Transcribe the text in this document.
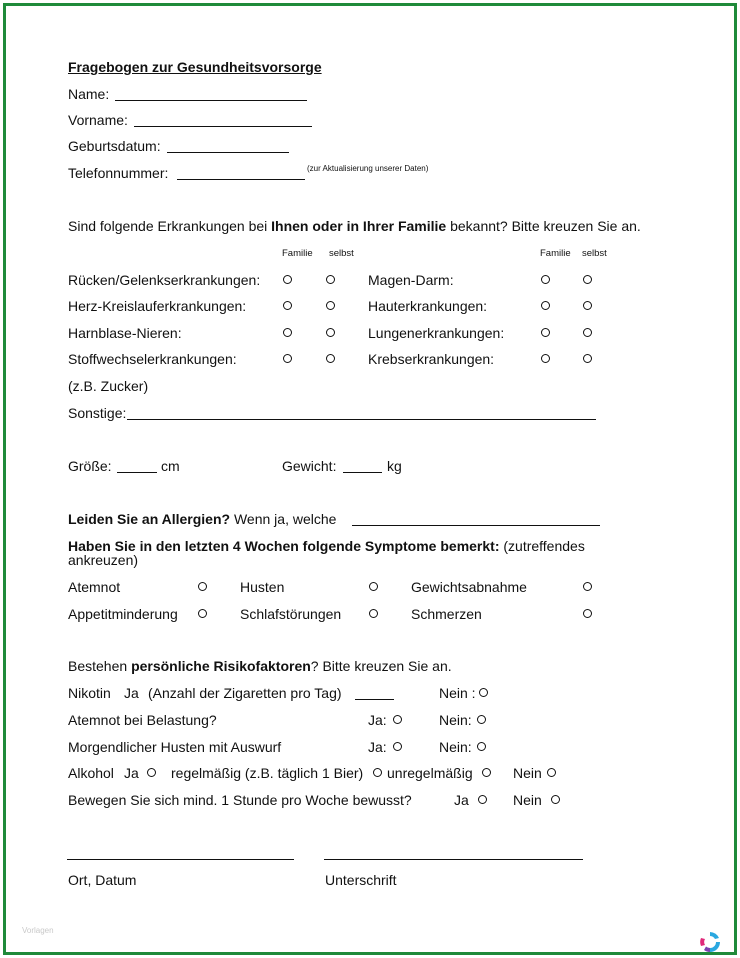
Fragebogen zur Gesundheitsvorsorge
Name:
Vorname:
Geburtsdatum:
Telefonnummer:	(zur Aktualisierung unserer Daten)
Sind folgende Erkrankungen bei Ihnen oder in Ihrer Familie bekannt? Bitte kreuzen Sie an.
Familie selbst	Familie selbst
Rücken/Gelenkserkrankungen:	Magen-Darm:
Herz-Kreislauferkrankungen:	Hauterkrankungen:
Harnblase-Nieren:	Lungenerkrankungen:
Stoffwechselerkrankungen:	Krebserkrankungen:
(z.B. Zucker)
Sonstige:
Größe:	cm	Gewicht:	kg
Leiden Sie an Allergien? Wenn ja, welche
Haben Sie in den letzten 4 Wochen folgende Symptome bemerkt: (zutreffendes
ankreuzen)
Atemnot	Husten	Gewichtsabnahme
Appetitminderung	Schlafstörungen	Schmerzen
Bestehen persönliche Risikofaktoren? Bitte kreuzen Sie an.
Nikotin Ja (Anzahl der Zigaretten pro Tag)	Nein :
Atemnot bei Belastung?	Ja:	Nein:
Morgendlicher Husten mit Auswurf	Ja:	Nein:
Alkohol Ja regelmäßig (z.B. täglich 1 Bier) unregelmäßig	Nein
Bewegen Sie sich mind. 1 Stunde pro Woche bewusst?	Ja	Nein
Ort, Datum	Unterschrift
Vorlagen
